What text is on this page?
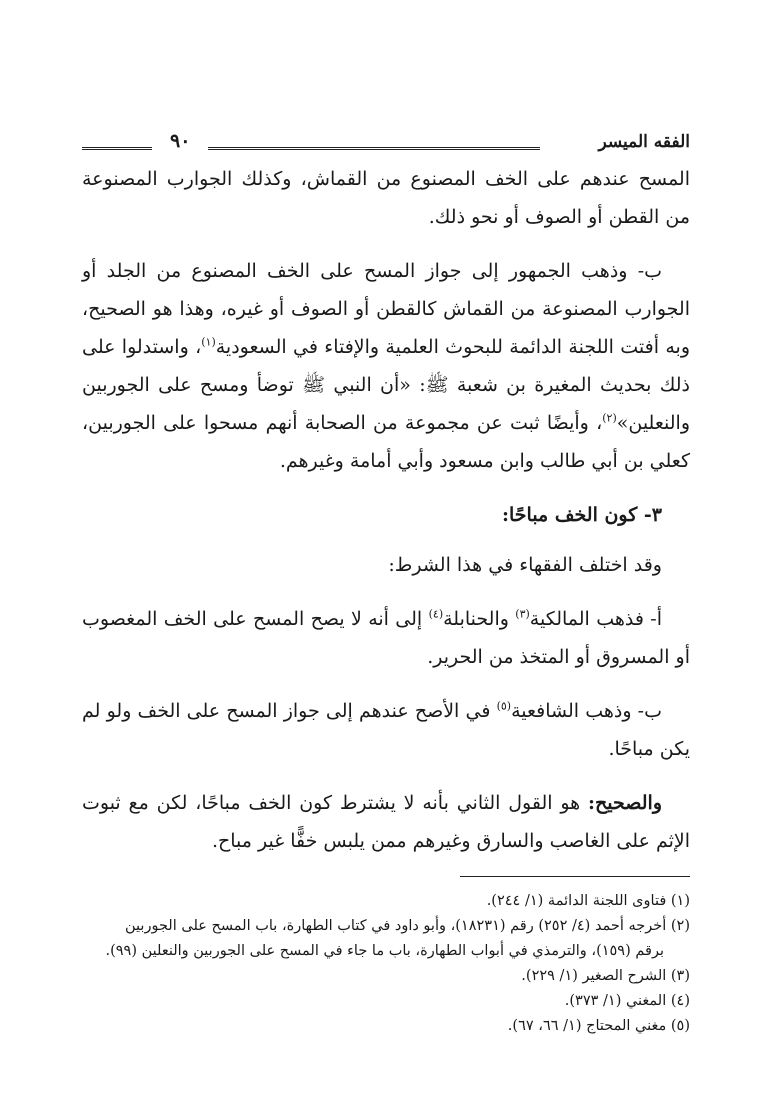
الفقه الميسر
٩٠

المسح عندهم على الخف المصنوع من القماش، وكذلك الجوارب المصنوعة من القطن أو الصوف أو نحو ذلك.

ب- وذهب الجمهور إلى جواز المسح على الخف المصنوع من الجلد أو الجوارب المصنوعة من القماش كالقطن أو الصوف أو غيره، وهذا هو الصحيح، وبه أفتت اللجنة الدائمة للبحوث العلمية والإفتاء في السعودية$^{(١)}$، واستدلوا على ذلك بحديث المغيرة بن شعبة ﷺ: «أن النبي ﷺ توضأ ومسح على الجوربين والنعلين»$^{(٢)}$، وأيضًا ثبت عن مجموعة من الصحابة أنهم مسحوا على الجوربين، كعلي بن أبي طالب وابن مسعود وأبي أمامة وغيرهم.

٣- كون الخف مباحًا:

وقد اختلف الفقهاء في هذا الشرط:

أ- فذهب المالكية$^{(٣)}$ والحنابلة$^{(٤)}$ إلى أنه لا يصح المسح على الخف المغصوب أو المسروق أو المتخذ من الحرير.

ب- وذهب الشافعية$^{(٥)}$ في الأصح عندهم إلى جواز المسح على الخف ولو لم يكن مباحًا.

والصحيح: هو القول الثاني بأنه لا يشترط كون الخف مباحًا، لكن مع ثبوت الإثم على الغاصب والسارق وغيرهم ممن يلبس خفًّا غير مباح.

(١) فتاوى اللجنة الدائمة (١/ ٢٤٤).

(٢) أخرجه أحمد (٤/ ٢٥٢) رقم (١٨٢٣١)، وأبو داود في كتاب الطهارة، باب المسح على الجوربين

برقم (١٥٩)، والترمذي في أبواب الطهارة، باب ما جاء في المسح على الجوربين والنعلين (٩٩).

(٣) الشرح الصغير (١/ ٢٢٩).

(٤) المغني (١/ ٣٧٣).

(٥) مغني المحتاج (١/ ٦٦، ٦٧).
